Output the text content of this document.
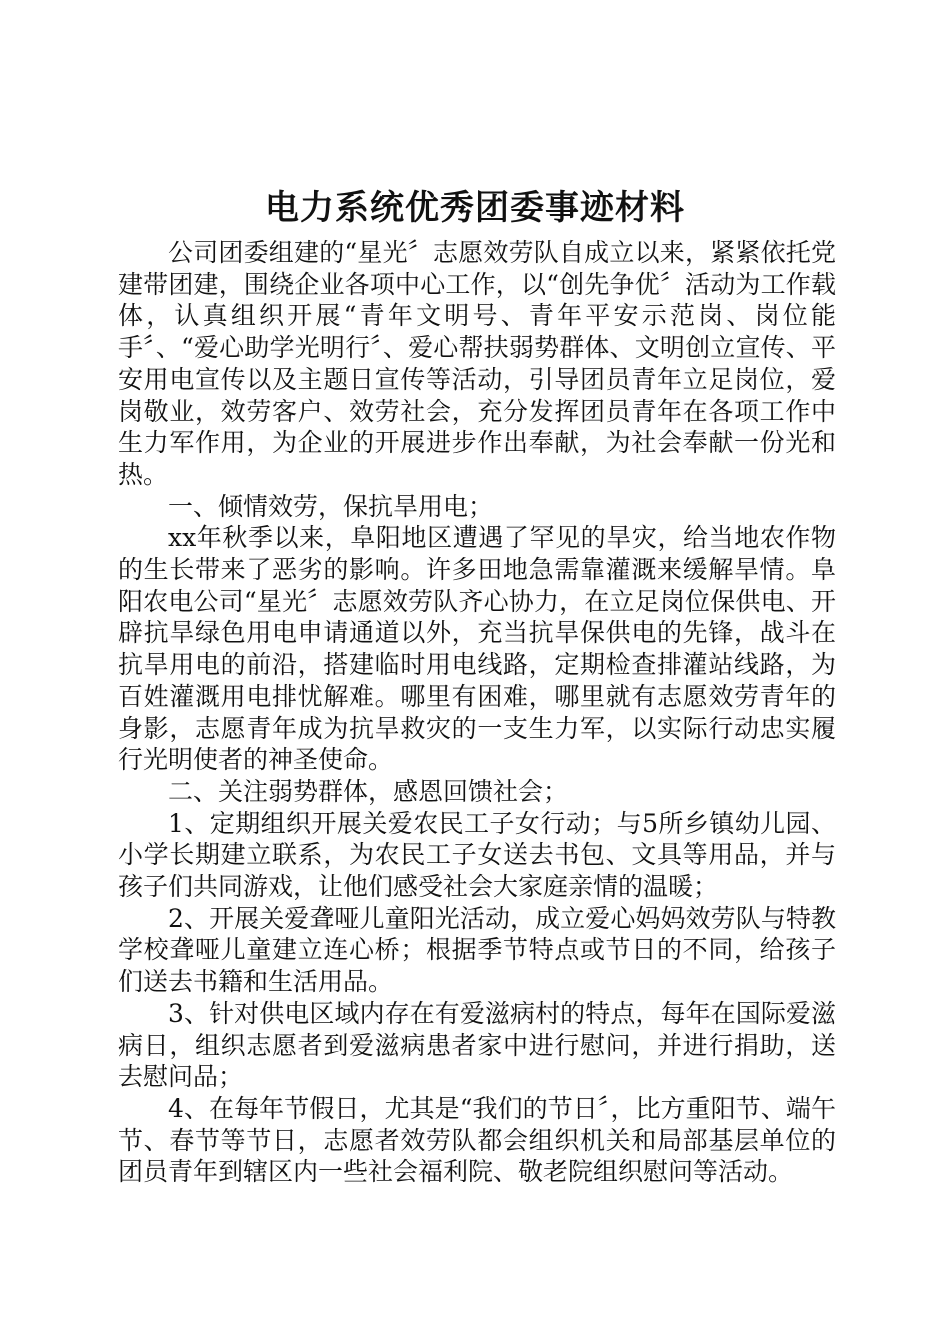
电力系统优秀团委事迹材料

公司团委组建的“星光〞志愿效劳队自成立以来，紧紧依托党建带团建，围绕企业各项中心工作，以“创先争优〞活动为工作载体，认真组织开展“青年文明号、青年平安示范岗、岗位能手〞、“爱心助学光明行〞、爱心帮扶弱势群体、文明创立宣传、平安用电宣传以及主题日宣传等活动，引导团员青年立足岗位，爱岗敬业，效劳客户、效劳社会，充分发挥团员青年在各项工作中生力军作用，为企业的开展进步作出奉献，为社会奉献一份光和热。

一、倾情效劳，保抗旱用电；

xx年秋季以来，阜阳地区遭遇了罕见的旱灾，给当地农作物的生长带来了恶劣的影响。许多田地急需靠灌溉来缓解旱情。阜阳农电公司“星光〞志愿效劳队齐心协力，在立足岗位保供电、开辟抗旱绿色用电申请通道以外，充当抗旱保供电的先锋，战斗在抗旱用电的前沿，搭建临时用电线路，定期检查排灌站线路，为百姓灌溉用电排忧解难。哪里有困难，哪里就有志愿效劳青年的身影，志愿青年成为抗旱救灾的一支生力军，以实际行动忠实履行光明使者的神圣使命。

二、关注弱势群体，感恩回馈社会；

1、定期组织开展关爱农民工子女行动；与5所乡镇幼儿园、小学长期建立联系，为农民工子女送去书包、文具等用品，并与孩子们共同游戏，让他们感受社会大家庭亲情的温暖；

2、开展关爱聋哑儿童阳光活动，成立爱心妈妈效劳队与特教学校聋哑儿童建立连心桥；根据季节特点或节日的不同，给孩子们送去书籍和生活用品。

3、针对供电区域内存在有爱滋病村的特点，每年在国际爱滋病日，组织志愿者到爱滋病患者家中进行慰问，并进行捐助，送去慰问品；

4、在每年节假日，尤其是“我们的节日〞，比方重阳节、端午节、春节等节日，志愿者效劳队都会组织机关和局部基层单位的团员青年到辖区内一些社会福利院、敬老院组织慰问等活动。
